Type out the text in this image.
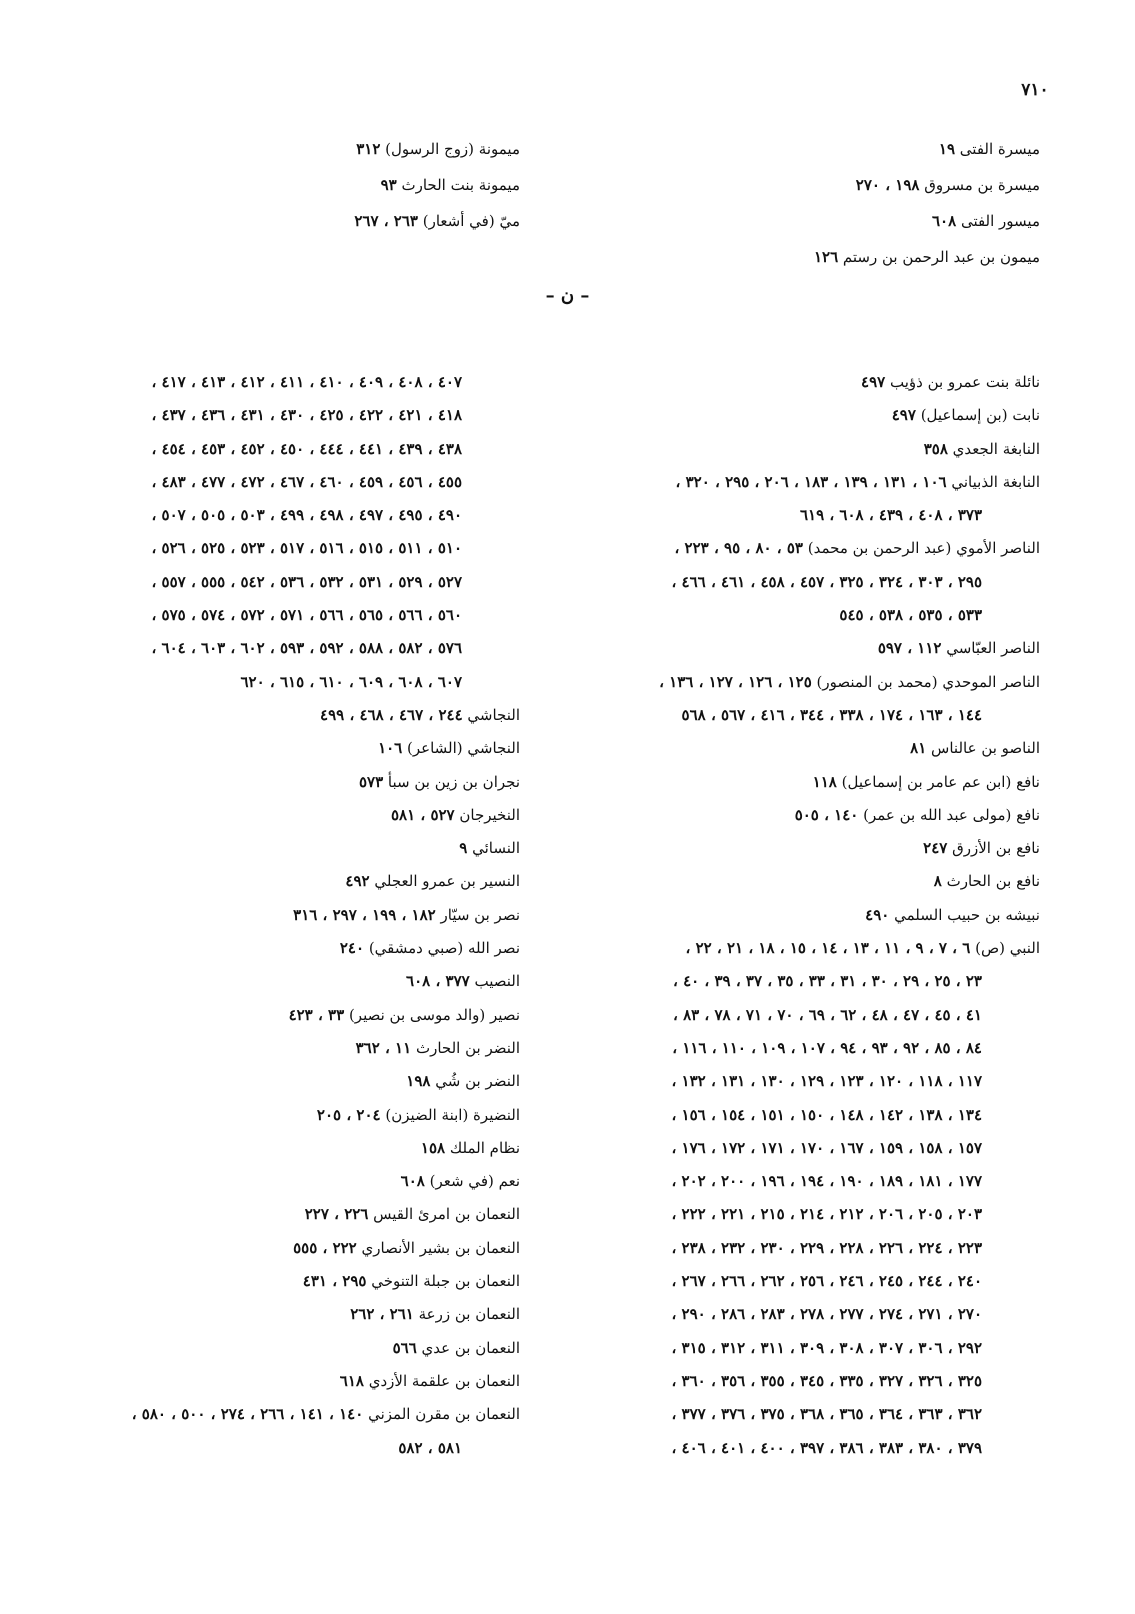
٧١٠
ميسرة الفتى ١٩
ميسرة بن مسروق ١٩٨ ، ٢٧٠
ميسور الفتى ٦٠٨
ميمون بن عبد الرحمن بن رستم ١٢٦
ميمونة (زوج الرسول) ٣١٢
ميمونة بنت الحارث ٩٣
ميّ (في أشعار) ٢٦٣ ، ٢٦٧
– ن –
نائلة بنت عمرو بن ذؤيب ٤٩٧
نابت (بن إسماعيل) ٤٩٧
النابغة الجعدي ٣٥٨
النابغة الذبياني ١٠٦ ، ١٣١ ، ١٣٩ ، ١٨٣ ، ٢٠٦ ، ٢٩٥ ، ٣٢٠ ،
٣٧٣ ، ٤٠٨ ، ٤٣٩ ، ٦٠٨ ، ٦١٩
الناصر الأموي (عبد الرحمن بن محمد) ٥٣ ، ٨٠ ، ٩٥ ، ٢٢٣ ،
٢٩٥ ، ٣٠٣ ، ٣٢٤ ، ٣٢٥ ، ٤٥٧ ، ٤٥٨ ، ٤٦١ ، ٤٦٦ ،
٥٣٣ ، ٥٣٥ ، ٥٣٨ ، ٥٤٥
الناصر العبّاسي ١١٢ ، ٥٩٧
الناصر الموحدي (محمد بن المنصور) ١٢٥ ، ١٢٦ ، ١٢٧ ، ١٣٦ ،
١٤٤ ، ١٦٣ ، ١٧٤ ، ٣٣٨ ، ٣٤٤ ، ٤١٦ ، ٥٦٧ ، ٥٦٨
الناصو بن عالناس ٨١
نافع (ابن عم عامر بن إسماعيل) ١١٨
نافع (مولى عبد الله بن عمر) ١٤٠ ، ٥٠٥
نافع بن الأزرق ٢٤٧
نافع بن الحارث ٨
نبيشه بن حبيب السلمي ٤٩٠
النبي (ص) ٦ ، ٧ ، ٩ ، ١١ ، ١٣ ، ١٤ ، ١٥ ، ١٨ ، ٢١ ، ٢٢ ،
٢٣ ، ٢٥ ، ٢٩ ، ٣٠ ، ٣١ ، ٣٣ ، ٣٥ ، ٣٧ ، ٣٩ ، ٤٠ ،
٤١ ، ٤٥ ، ٤٧ ، ٤٨ ، ٦٢ ، ٦٩ ، ٧٠ ، ٧١ ، ٧٨ ، ٨٣ ،
٨٤ ، ٨٥ ، ٩٢ ، ٩٣ ، ٩٤ ، ١٠٧ ، ١٠٩ ، ١١٠ ، ١١٦ ،
١١٧ ، ١١٨ ، ١٢٠ ، ١٢٣ ، ١٢٩ ، ١٣٠ ، ١٣١ ، ١٣٢ ،
١٣٤ ، ١٣٨ ، ١٤٢ ، ١٤٨ ، ١٥٠ ، ١٥١ ، ١٥٤ ، ١٥٦ ،
١٥٧ ، ١٥٨ ، ١٥٩ ، ١٦٧ ، ١٧٠ ، ١٧١ ، ١٧٢ ، ١٧٦ ،
١٧٧ ، ١٨١ ، ١٨٩ ، ١٩٠ ، ١٩٤ ، ١٩٦ ، ٢٠٠ ، ٢٠٢ ،
٢٠٣ ، ٢٠٥ ، ٢٠٦ ، ٢١٢ ، ٢١٤ ، ٢١٥ ، ٢٢١ ، ٢٢٢ ،
٢٢٣ ، ٢٢٤ ، ٢٢٦ ، ٢٢٨ ، ٢٢٩ ، ٢٣٠ ، ٢٣٢ ، ٢٣٨ ،
٢٤٠ ، ٢٤٤ ، ٢٤٥ ، ٢٤٦ ، ٢٥٦ ، ٢٦٢ ، ٢٦٦ ، ٢٦٧ ،
٢٧٠ ، ٢٧١ ، ٢٧٤ ، ٢٧٧ ، ٢٧٨ ، ٢٨٣ ، ٢٨٦ ، ٢٩٠ ،
٢٩٢ ، ٣٠٦ ، ٣٠٧ ، ٣٠٨ ، ٣٠٩ ، ٣١١ ، ٣١٢ ، ٣١٥ ،
٣٢٥ ، ٣٢٦ ، ٣٢٧ ، ٣٣٥ ، ٣٤٥ ، ٣٥٥ ، ٣٥٦ ، ٣٦٠ ،
٣٦٢ ، ٣٦٣ ، ٣٦٤ ، ٣٦٥ ، ٣٦٨ ، ٣٧٥ ، ٣٧٦ ، ٣٧٧ ،
٣٧٩ ، ٣٨٠ ، ٣٨٣ ، ٣٨٦ ، ٣٩٧ ، ٤٠٠ ، ٤٠١ ، ٤٠٦ ،
٤٠٧ ، ٤٠٨ ، ٤٠٩ ، ٤١٠ ، ٤١١ ، ٤١٢ ، ٤١٣ ، ٤١٧ ،
٤١٨ ، ٤٢١ ، ٤٢٢ ، ٤٢٥ ، ٤٣٠ ، ٤٣١ ، ٤٣٦ ، ٤٣٧ ،
٤٣٨ ، ٤٣٩ ، ٤٤١ ، ٤٤٤ ، ٤٥٠ ، ٤٥٢ ، ٤٥٣ ، ٤٥٤ ،
٤٥٥ ، ٤٥٦ ، ٤٥٩ ، ٤٦٠ ، ٤٦٧ ، ٤٧٢ ، ٤٧٧ ، ٤٨٣ ،
٤٩٠ ، ٤٩٥ ، ٤٩٧ ، ٤٩٨ ، ٤٩٩ ، ٥٠٣ ، ٥٠٥ ، ٥٠٧ ،
٥١٠ ، ٥١١ ، ٥١٥ ، ٥١٦ ، ٥١٧ ، ٥٢٣ ، ٥٢٥ ، ٥٢٦ ،
٥٢٧ ، ٥٢٩ ، ٥٣١ ، ٥٣٢ ، ٥٣٦ ، ٥٤٢ ، ٥٥٥ ، ٥٥٧ ،
٥٦٠ ، ٥٦٦ ، ٥٦٥ ، ٥٦٦ ، ٥٧١ ، ٥٧٢ ، ٥٧٤ ، ٥٧٥ ،
٥٧٦ ، ٥٨٢ ، ٥٨٨ ، ٥٩٢ ، ٥٩٣ ، ٦٠٢ ، ٦٠٣ ، ٦٠٤ ،
٦٠٧ ، ٦٠٨ ، ٦٠٩ ، ٦١٠ ، ٦١٥ ، ٦٢٠
النجاشي ٢٤٤ ، ٤٦٧ ، ٤٦٨ ، ٤٩٩
النجاشي (الشاعر) ١٠٦
نجران بن زين بن سبأ ٥٧٣
النخيرجان ٥٢٧ ، ٥٨١
النسائي ٩
النسير بن عمرو العجلي ٤٩٢
نصر بن سيّار ١٨٢ ، ١٩٩ ، ٢٩٧ ، ٣١٦
نصر الله (صبي دمشقي) ٢٤٠
النصيب ٣٧٧ ، ٦٠٨
نصير (والد موسى بن نصير) ٣٣ ، ٤٢٣
النضر بن الحارث ١١ ، ٣٦٢
النضر بن شُي ١٩٨
النضيرة (ابنة الضيزن) ٢٠٤ ، ٢٠٥
نظام الملك ١٥٨
نعم (في شعر) ٦٠٨
النعمان بن امرئ القيس ٢٢٦ ، ٢٢٧
النعمان بن بشير الأنصاري ٢٢٢ ، ٥٥٥
النعمان بن جبلة التنوخي ٢٩٥ ، ٤٣١
النعمان بن زرعة ٢٦١ ، ٢٦٢
النعمان بن عدي ٥٦٦
النعمان بن علقمة الأزدي ٦١٨
النعمان بن مقرن المزني ١٤٠ ، ١٤١ ، ٢٦٦ ، ٢٧٤ ، ٥٠٠ ، ٥٨٠ ،
٥٨١ ، ٥٨٢
